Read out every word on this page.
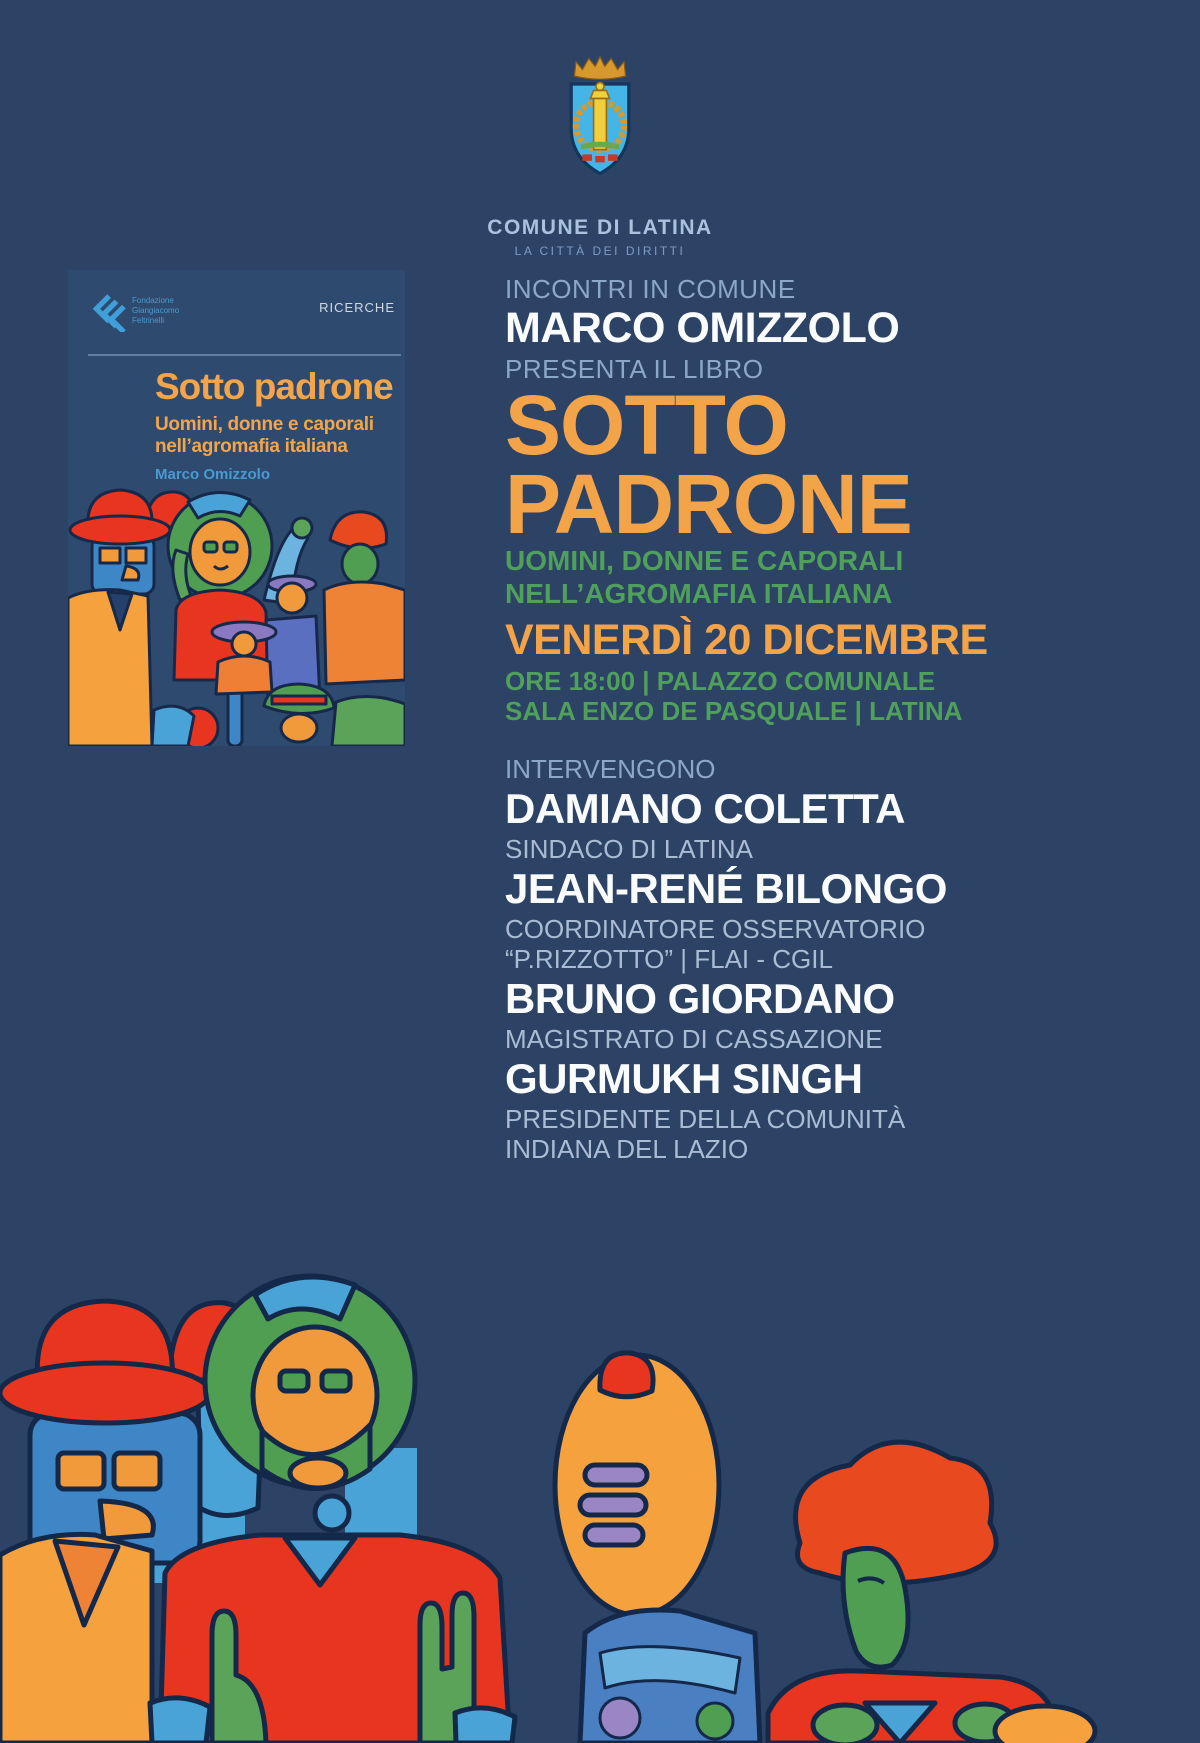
COMUNE DI LATINA
LA CITTÀ DEI DIRITTI
Fondazione
Giangiacomo
Feltrinelli
RICERCHE
Sotto padrone
Uomini, donne e caporali nell’agromafia italiana
Marco Omizzolo
INCONTRI IN COMUNE
MARCO OMIZZOLO
PRESENTA IL LIBRO
SOTTO
PADRONE
UOMINI, DONNE E CAPORALI
NELL’AGROMAFIA ITALIANA
VENERDÌ 20 DICEMBRE
ORE 18:00 | PALAZZO COMUNALE
SALA ENZO DE PASQUALE | LATINA
INTERVENGONO
DAMIANO COLETTA
SINDACO DI LATINA
JEAN-RENÉ BILONGO
COORDINATORE OSSERVATORIO
“P.RIZZOTTO” | FLAI - CGIL
BRUNO GIORDANO
MAGISTRATO DI CASSAZIONE
GURMUKH SINGH
PRESIDENTE DELLA COMUNITÀ
INDIANA DEL LAZIO
